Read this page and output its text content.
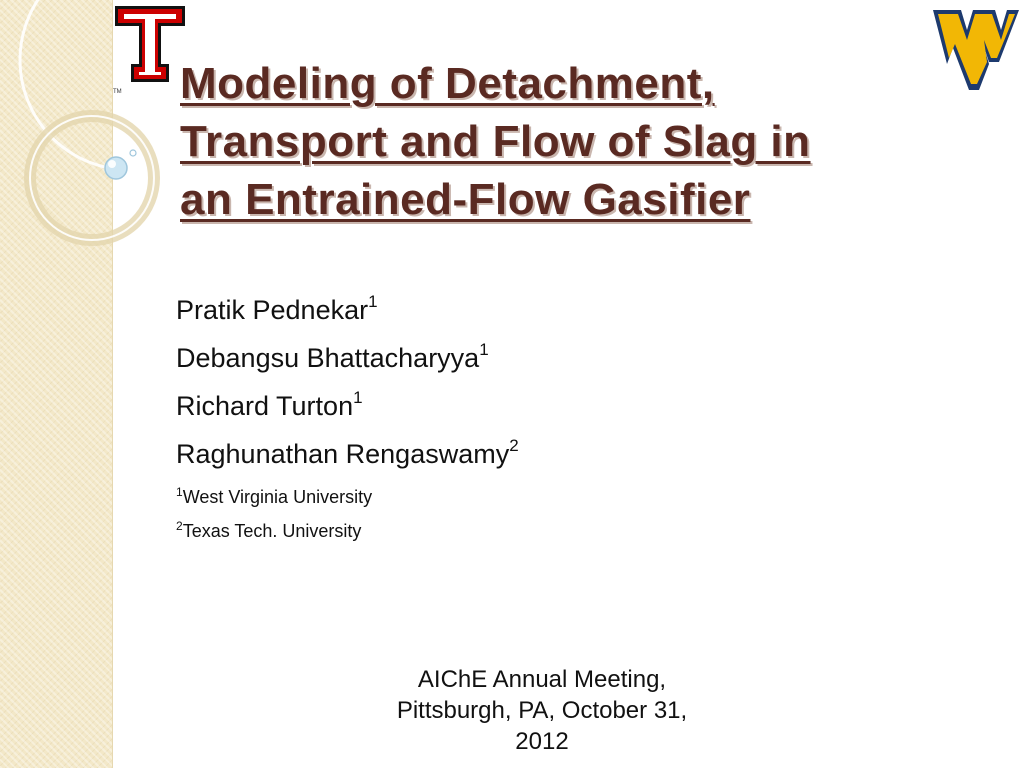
TM Modeling of Detachment,
Transport and Flow of Slag in
an Entrained-Flow Gasifier
Pratik Pednekar$^1$
Debangsu Bhattacharyya$^1$
Richard Turton$^1$
Raghunathan Rengaswamy$^2$
$^1$West Virginia University
$^2$Texas Tech. University
AIChE Annual Meeting,
Pittsburgh, PA, October 31,
2012
